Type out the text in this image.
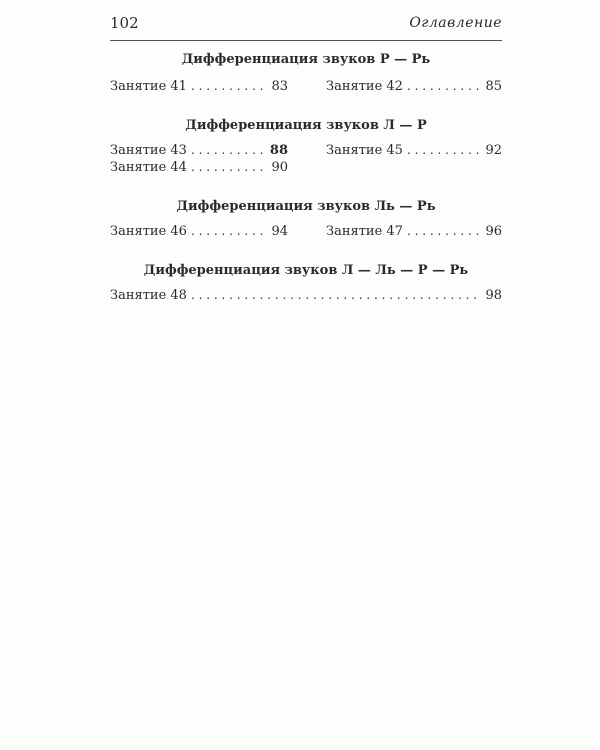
102	Оглавление
Дифференциация звуков Р — Рь
Занятие 41 . . .	83	Занятие 42 . . .	85
Дифференциация звуков Л — Р
Занятие 43 . . .	88	Занятие 45 . . .	92
Занятие 44 . . .	90
Дифференциация звуков Ль — Рь
Занятие 46 . . .	94	Занятие 47 . . .	96
Дифференциация звуков Л — Ль — Р — Рь
Занятие 48 . . .	98
